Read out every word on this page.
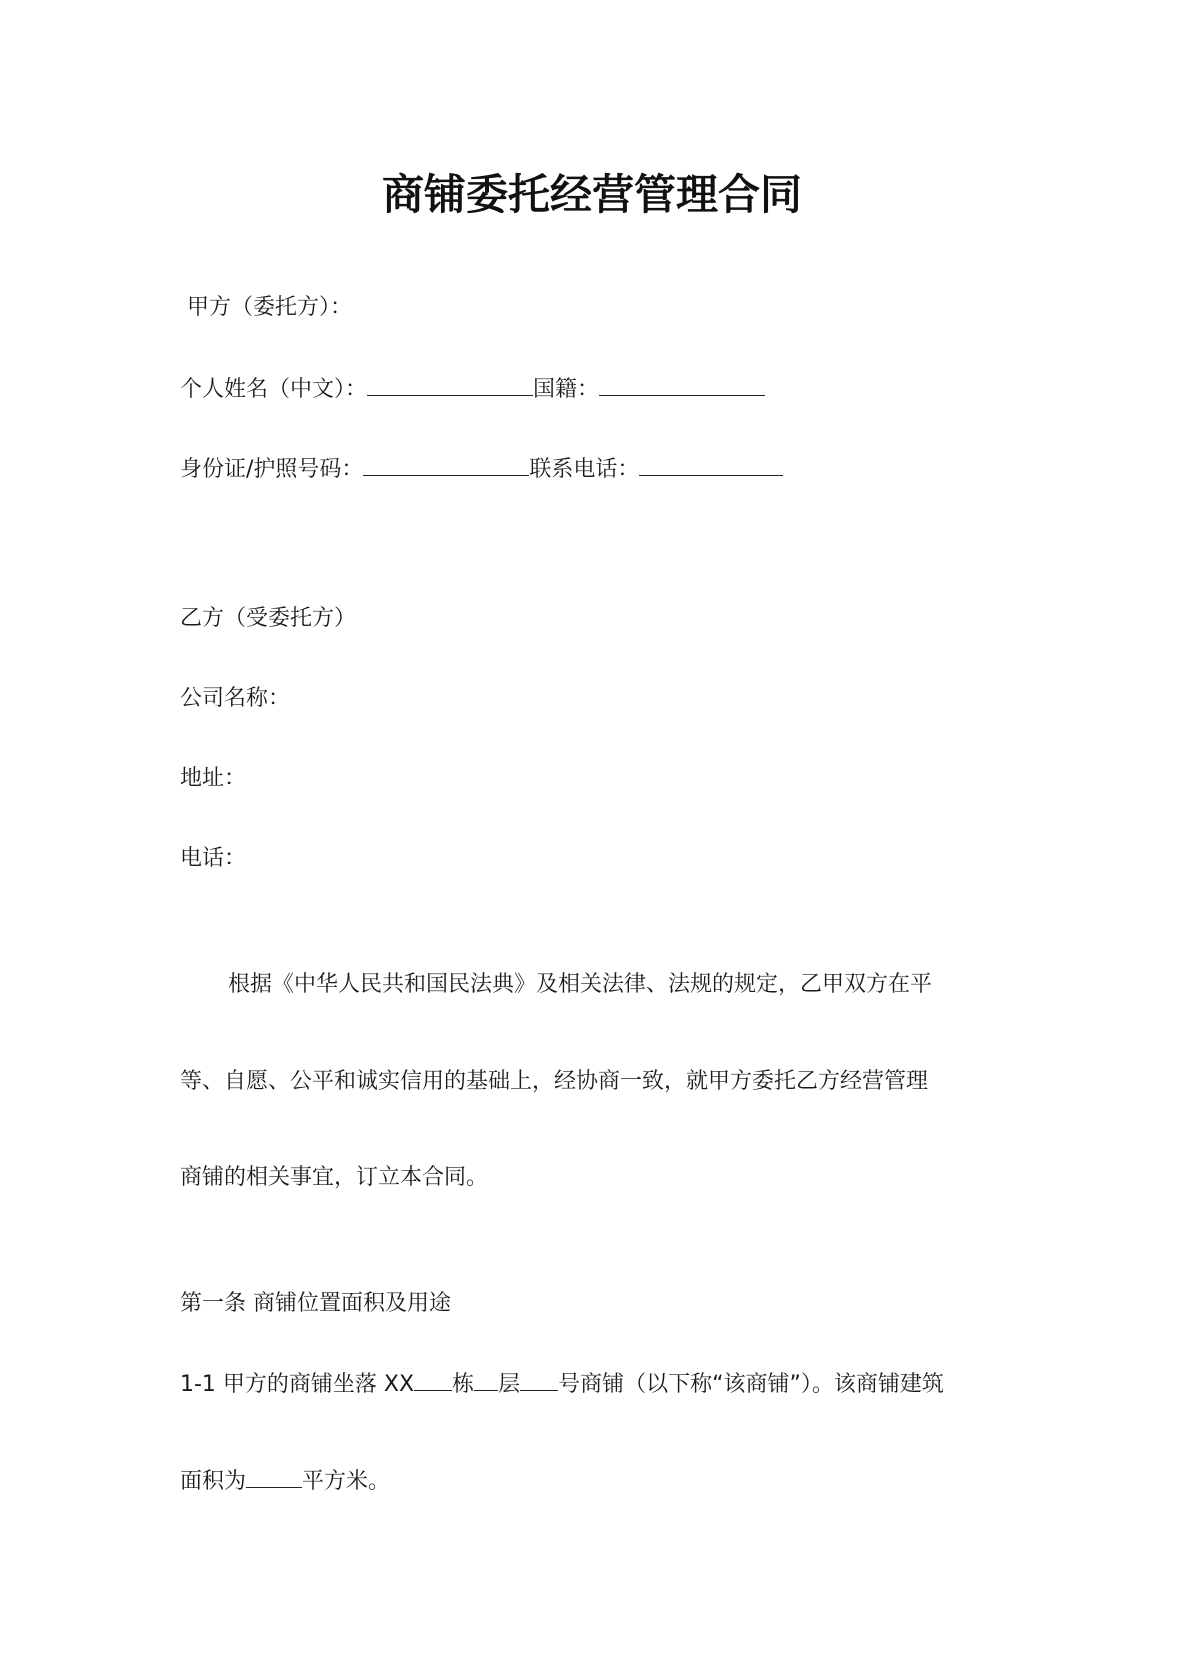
商铺委托经营管理合同
甲方（委托方）：
个人姓名（中文）：	国籍：
身份证/护照号码：	联系电话：
乙方（受委托方）
公司名称：
地址：
电话：
根据《中华人民共和国民法典》及相关法律、法规的规定，乙甲双方在平
等、自愿、公平和诚实信用的基础上，经协商一致，就甲方委托乙方经营管理
商铺的相关事宜，订立本合同。
第一条 商铺位置面积及用途
1-1 甲方的商铺坐落 XX 栋 层 号商铺（以下称“该商铺”）。该商铺建筑
面积为	平方米。
